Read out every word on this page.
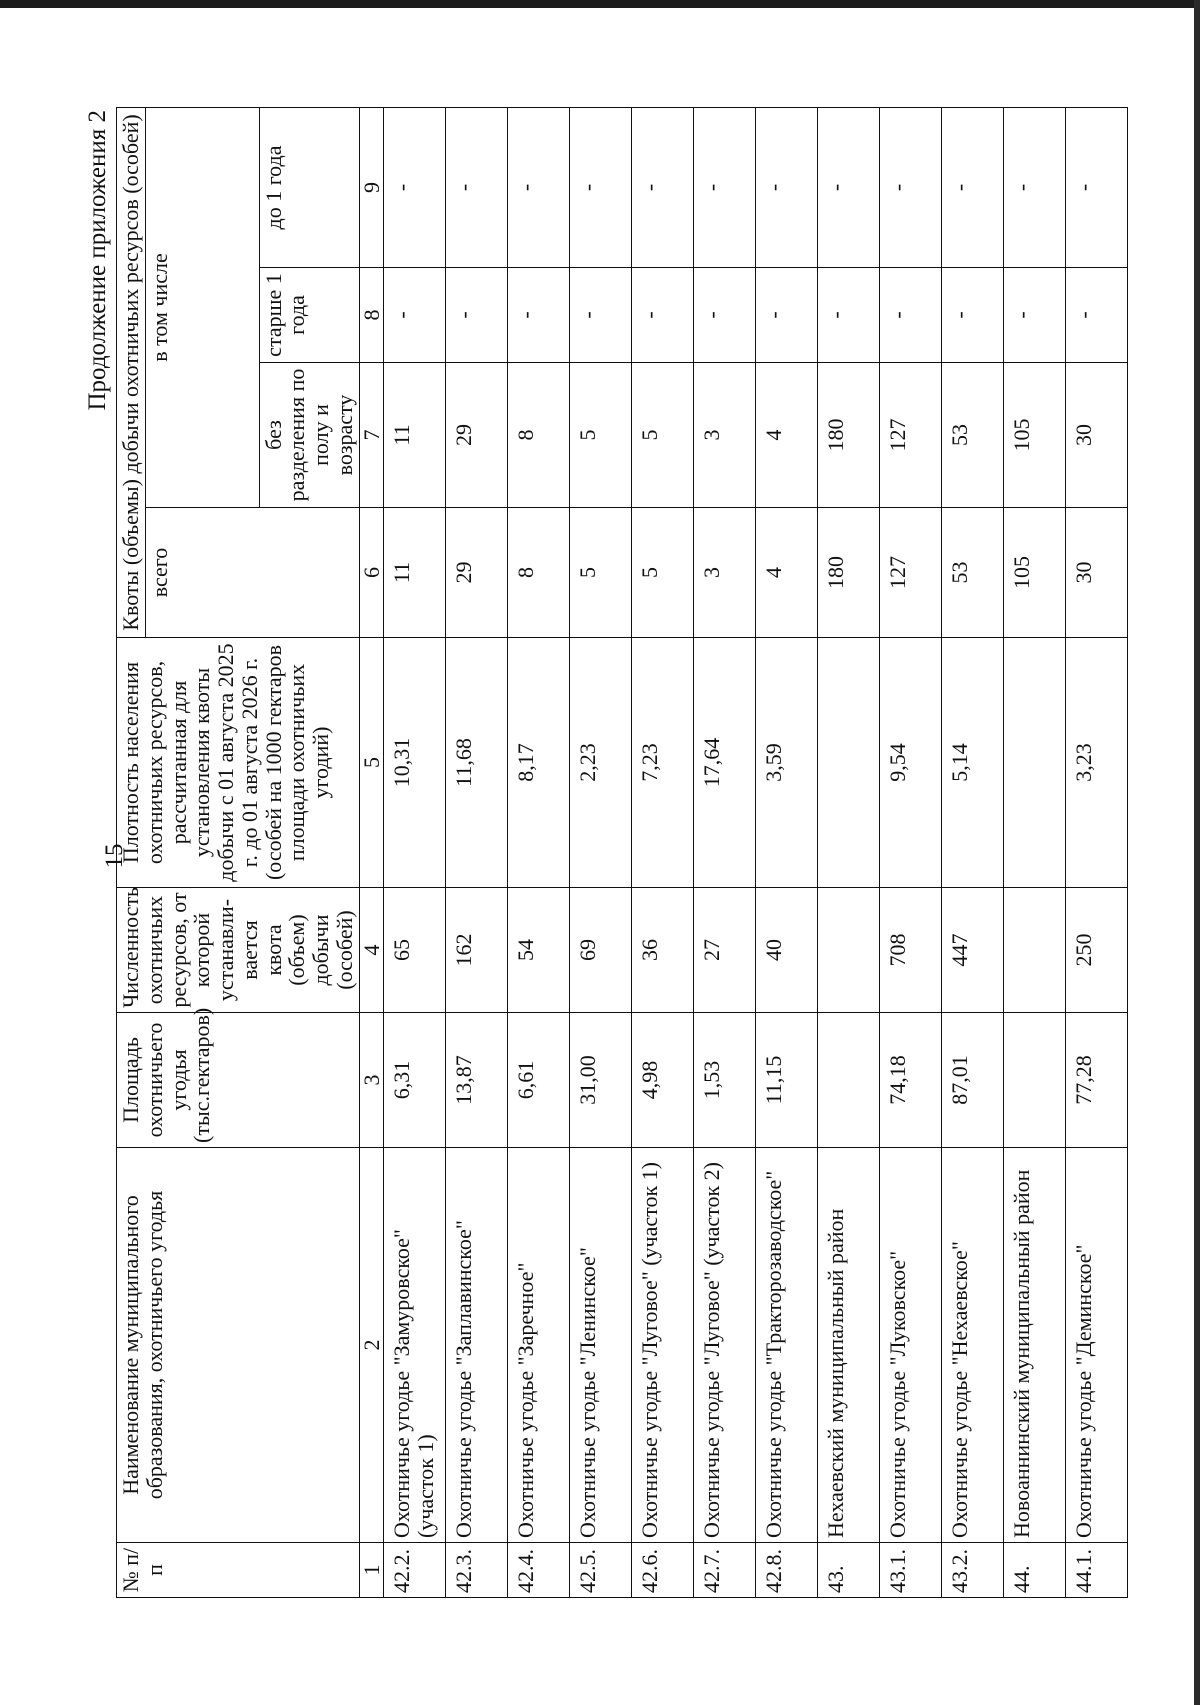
15
Продолжение приложения 2
№ п/п	Наименование муниципального образования, охотничьего угодья	Площадь охотничьего угодья (тыс.гектаров)	Численность охотничьих ресурсов, от которой устанавли-вается квота (объем) добычи (особей)	Плотность населения охотничьих ресурсов, рассчитанная для установления квоты добычи с 01 августа 2025 г. до 01 августа 2026 г. (особей на 1000 гектаров площади охотничьих угодий)	Квоты (объемы) добычи охотничьих ресурсов (особей)			
					всего	в том числе		
						без разделения по полу и возрасту	старше 1 года	до 1 года
1	2	3	4	5	6	7	8	9
42.2.	Охотничье угодье "Замуровское" (участок 1)	6,31	65	10,31	11	11	-	-
42.3.	Охотничье угодье "Заплавинское"	13,87	162	11,68	29	29	-	-
42.4.	Охотничье угодье "Заречное"	6,61	54	8,17	8	8	-	-
42.5.	Охотничье угодье "Ленинское"	31,00	69	2,23	5	5	-	-
42.6.	Охотничье угодье "Луговое" (участок 1)	4,98	36	7,23	5	5	-	-
42.7.	Охотничье угодье "Луговое" (участок 2)	1,53	27	17,64	3	3	-	-
42.8.	Охотничье угодье "Тракторозаводское"	11,15	40	3,59	4	4	-	-
43.	Нехаевский муниципальный район				180	180	-	-
43.1.	Охотничье угодье "Луковское"	74,18	708	9,54	127	127	-	-
43.2.	Охотничье угодье "Нехаевское"	87,01	447	5,14	53	53	-	-
44.	Новоаннинский муниципальный район				105	105	-	-
44.1.	Охотничье угодье "Деминское"	77,28	250	3,23	30	30	-	-
